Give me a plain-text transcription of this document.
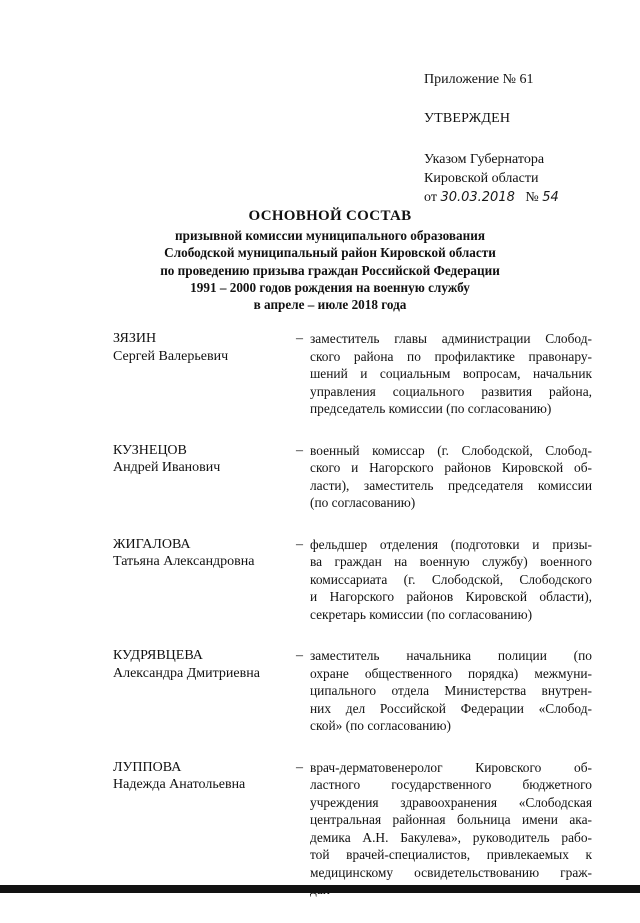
Приложение № 61
УТВЕРЖДЕН
Указом Губернатора
Кировской области
от 30.03.2018 № 54
ОСНОВНОЙ СОСТАВ
призывной комиссии муниципального образования
Слободской муниципальный район Кировской области
по проведению призыва граждан Российской Федерации
1991 – 2000 годов рождения на военную службу
в апреле – июле 2018 года
ЗЯЗИН
Сергей Валерьевич
– заместитель главы администрации Слобод-
ского района по профилактике правонару-
шений и социальным вопросам, начальник
управления социального развития района,
председатель комиссии (по согласованию)
КУЗНЕЦОВ
Андрей Иванович
– военный комиссар (г. Слободской, Слобод-
ского и Нагорского районов Кировской об-
ласти), заместитель председателя комиссии
(по согласованию)
ЖИГАЛОВА
Татьяна Александровна
– фельдшер отделения (подготовки и призы-
ва граждан на военную службу) военного
комиссариата (г. Слободской, Слободского
и Нагорского районов Кировской области),
секретарь комиссии (по согласованию)
КУДРЯВЦЕВА
Александра Дмитриевна
– заместитель начальника полиции (по
охране общественного порядка) межмуни-
ципального отдела Министерства внутрен-
них дел Российской Федерации «Слобод-
ской» (по согласованию)
ЛУППОВА
Надежда Анатольевна
– врач-дерматовенеролог Кировского об-
ластного государственного бюджетного
учреждения здравоохранения «Слободская
центральная районная больница имени ака-
демика А.Н. Бакулева», руководитель рабо-
той врачей-специалистов, привлекаемых к
медицинскому освидетельствованию граж-
